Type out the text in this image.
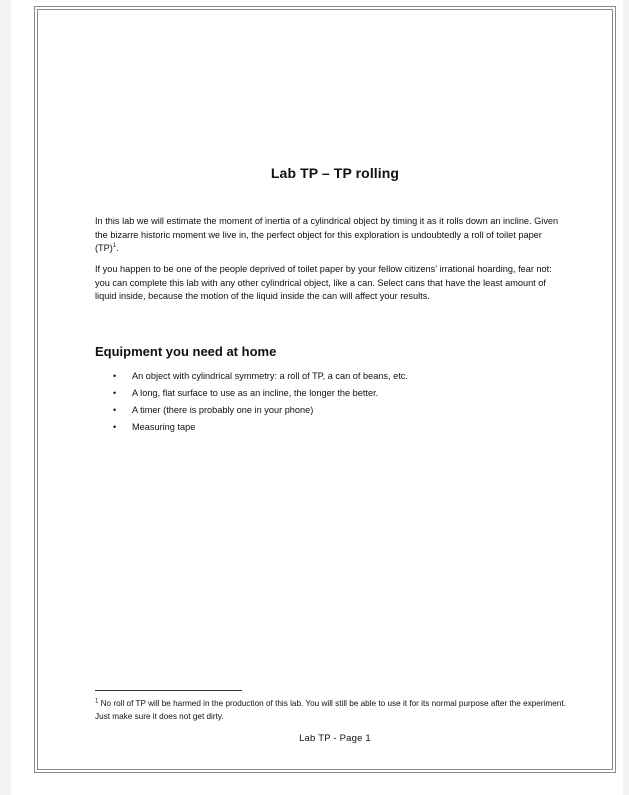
Lab TP – TP rolling

In this lab we will estimate the moment of inertia of a cylindrical object by timing it as it rolls down an incline. Given the bizarre historic moment we live in, the perfect object for this exploration is undoubtedly a roll of toilet paper (TP)$^1$.

If you happen to be one of the people deprived of toilet paper by your fellow citizens’ irrational hoarding, fear not: you can complete this lab with any other cylindrical object, like a can. Select cans that have the least amount of liquid inside, because the motion of the liquid inside the can will affect your results.

Equipment you need at home
• An object with cylindrical symmetry: a roll of TP, a can of beans, etc.
• A long, flat surface to use as an incline, the longer the better.
• A timer (there is probably one in your phone)
• Measuring tape

$^1$ No roll of TP will be harmed in the production of this lab. You will still be able to use it for its normal purpose after the experiment. Just make sure it does not get dirty.

Lab TP - Page 1
